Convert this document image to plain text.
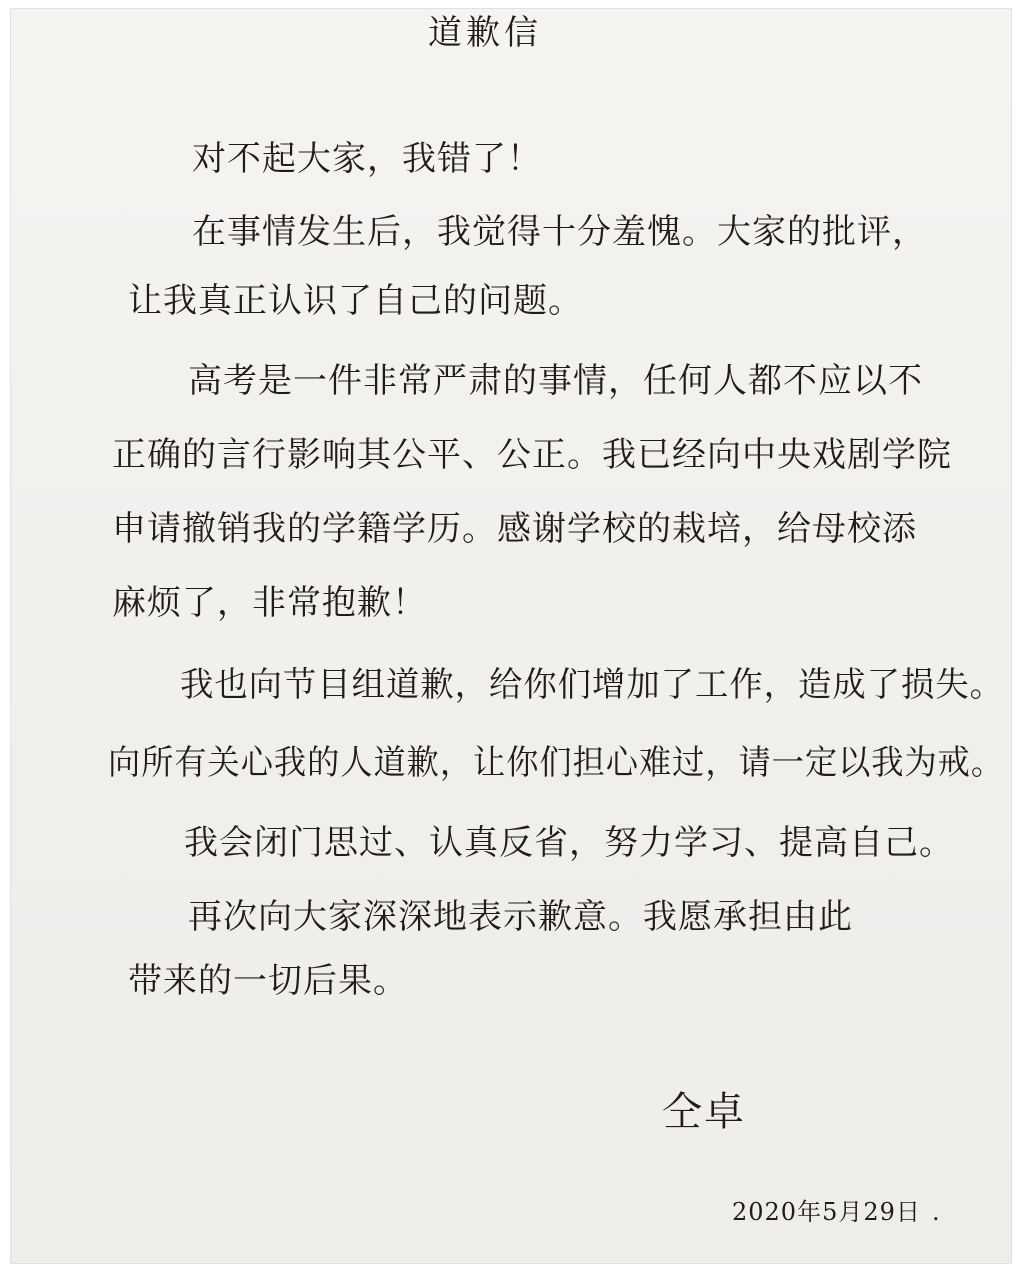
道歉信
对不起大家，我错了！
在事情发生后，我觉得十分羞愧。大家的批评，
让我真正认识了自己的问题。
高考是一件非常严肃的事情，任何人都不应以不
正确的言行影响其公平、公正。我已经向中央戏剧学院
申请撤销我的学籍学历。感谢学校的栽培，给母校添
麻烦了，非常抱歉！
我也向节目组道歉，给你们增加了工作，造成了损失。
向所有关心我的人道歉，让你们担心难过，请一定以我为戒。
我会闭门思过、认真反省，努力学习、提高自己。
再次向大家深深地表示歉意。我愿承担由此
带来的一切后果。
仝卓
2020年5月29日 .
